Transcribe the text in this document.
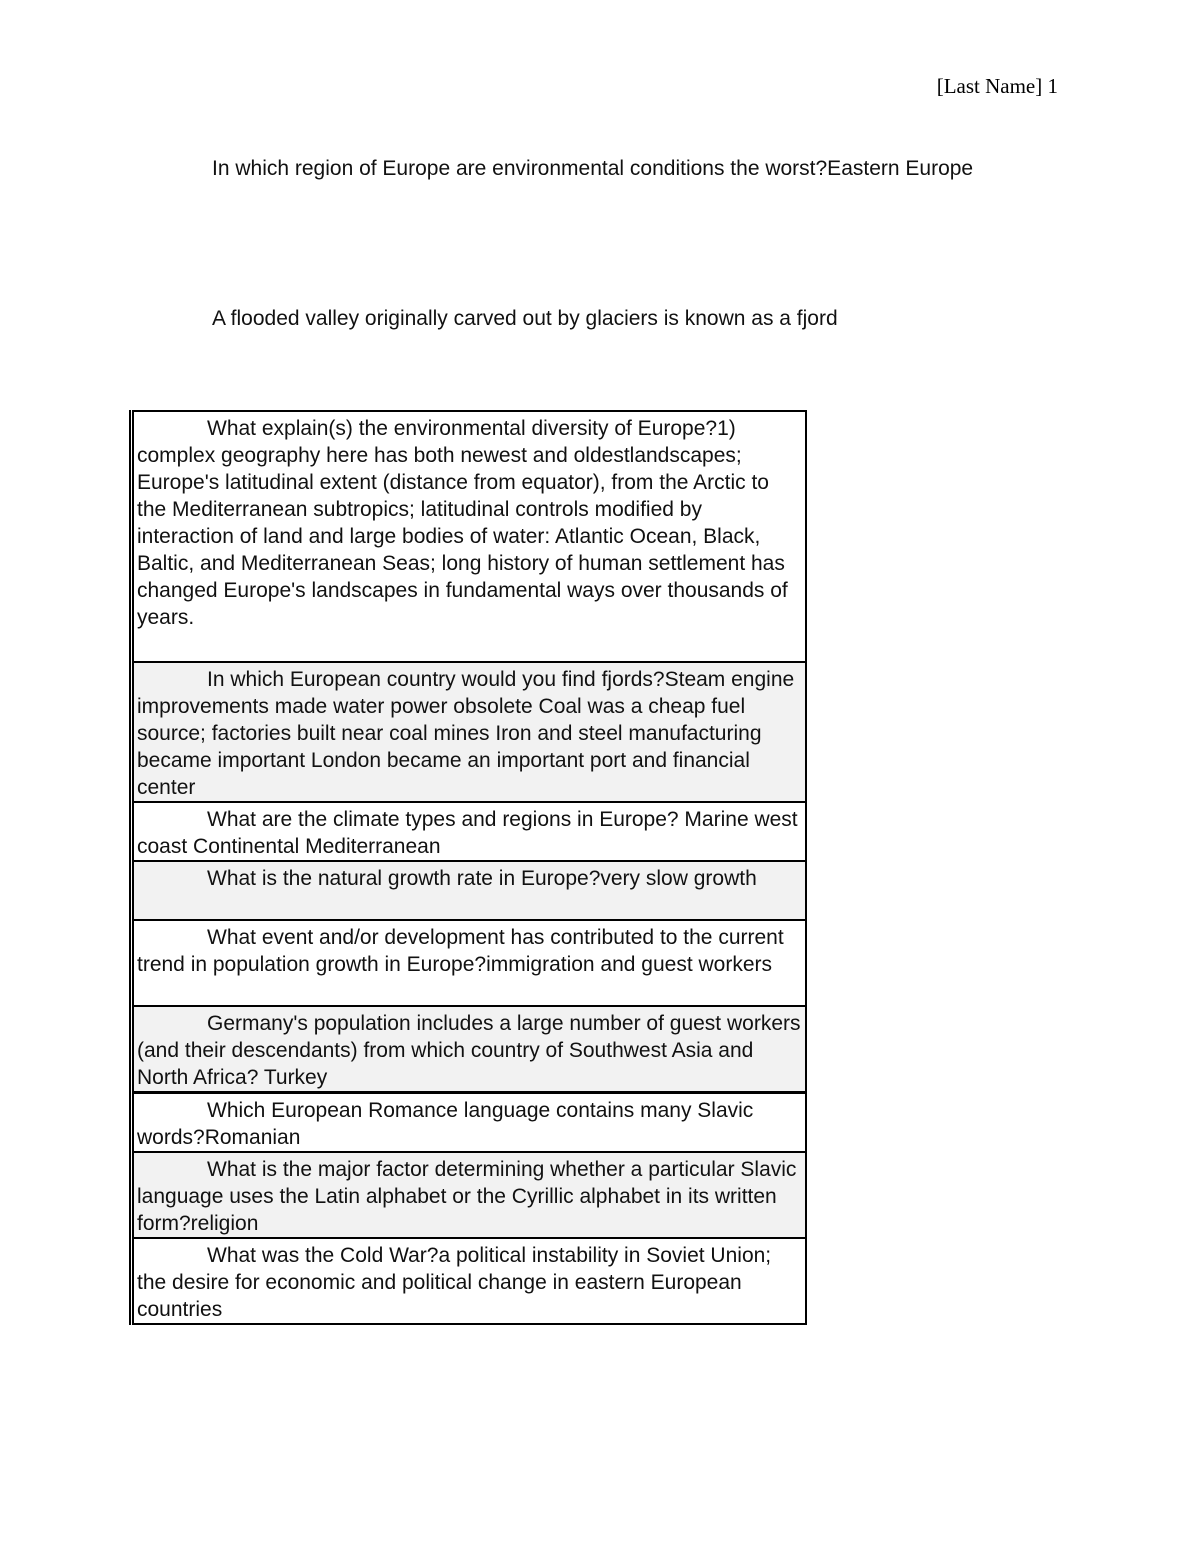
[Last Name] 1

In which region of Europe are environmental conditions the worst?Eastern Europe

A flooded valley originally carved out by glaciers is known as a fjord

What explain(s) the environmental diversity of Europe?1) complex geography here has both newest and oldestlandscapes; Europe's latitudinal extent (distance from equator), from the Arctic to the Mediterranean subtropics; latitudinal controls modified by interaction of land and large bodies of water: Atlantic Ocean, Black, Baltic, and Mediterranean Seas; long history of human settlement has changed Europe's landscapes in fundamental ways over thousands of years.
In which European country would you find fjords?Steam engine improvements made water power obsolete Coal was a cheap fuel source; factories built near coal mines Iron and steel manufacturing became important London became an important port and financial center
What are the climate types and regions in Europe? Marine west coast Continental Mediterranean
What is the natural growth rate in Europe?very slow growth
What event and/or development has contributed to the current trend in population growth in Europe?immigration and guest workers
Germany's population includes a large number of guest workers (and their descendants) from which country of Southwest Asia and North Africa? Turkey
Which European Romance language contains many Slavic words?Romanian
What is the major factor determining whether a particular Slavic language uses the Latin alphabet or the Cyrillic alphabet in its written form?religion
What was the Cold War?a political instability in Soviet Union; the desire for economic and political change in eastern European countries
